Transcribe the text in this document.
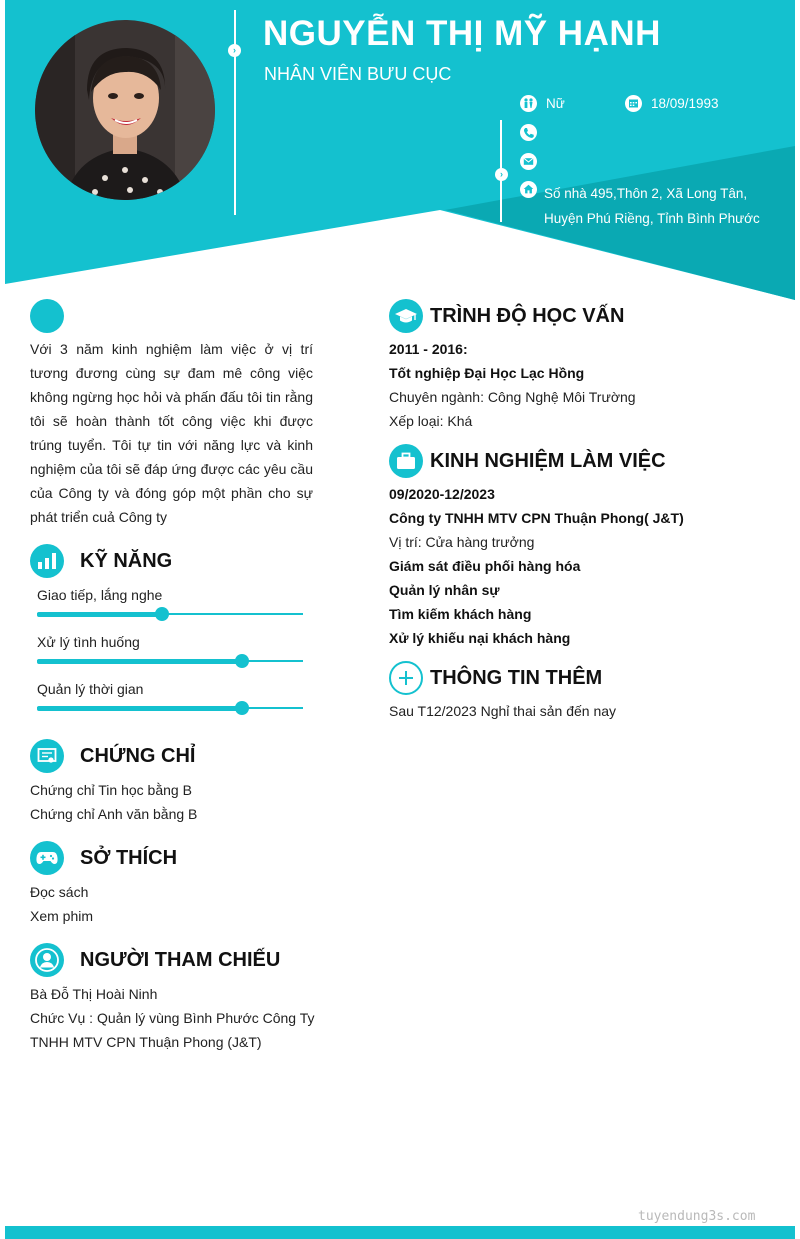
›
›
NGUYỄN THỊ MỸ HẠNH
NHÂN VIÊN BƯU CỤC
Nữ	18/09/1993
Số nhà 495,Thôn 2, Xã Long Tân, Huyện Phú Riềng, Tỉnh Bình Phước
Với 3 năm kinh nghiệm làm việc ở vị trí tương đương cùng sự đam mê công việc không ngừng học hỏi và phấn đấu tôi tin rằng tôi sẽ hoàn thành tốt công việc khi được trúng tuyển. Tôi tự tin với năng lực và kinh nghiệm của tôi sẽ đáp ứng được các yêu cầu của Công ty và đóng góp một phần cho sự phát triển cuả Công ty
KỸ NĂNG
Giao tiếp, lắng nghe
Xử lý tình huống
Quản lý thời gian
CHỨNG CHỈ
Chứng chỉ Tin học bằng B
Chứng chỉ Anh văn bằng B
SỞ THÍCH
Đọc sách
Xem phim
NGƯỜI THAM CHIẾU
Bà Đỗ Thị Hoài Ninh
Chức Vụ : Quản lý vùng Bình Phước Công Ty
TNHH MTV CPN Thuận Phong (J&T)
TRÌNH ĐỘ HỌC VẤN
2011 - 2016:
Tốt nghiệp Đại Học Lạc Hồng
Chuyên ngành: Công Nghệ Môi Trường
Xếp loại: Khá
KINH NGHIỆM LÀM VIỆC
09/2020-12/2023
Công ty TNHH MTV CPN Thuận Phong( J&T)
Vị trí: Cửa hàng trưởng
Giám sát điều phối hàng hóa
Quản lý nhân sự
Tìm kiếm khách hàng
Xử lý khiếu nại khách hàng
THÔNG TIN THÊM
Sau T12/2023 Nghỉ thai sản đến nay
tuyendung3s.com
